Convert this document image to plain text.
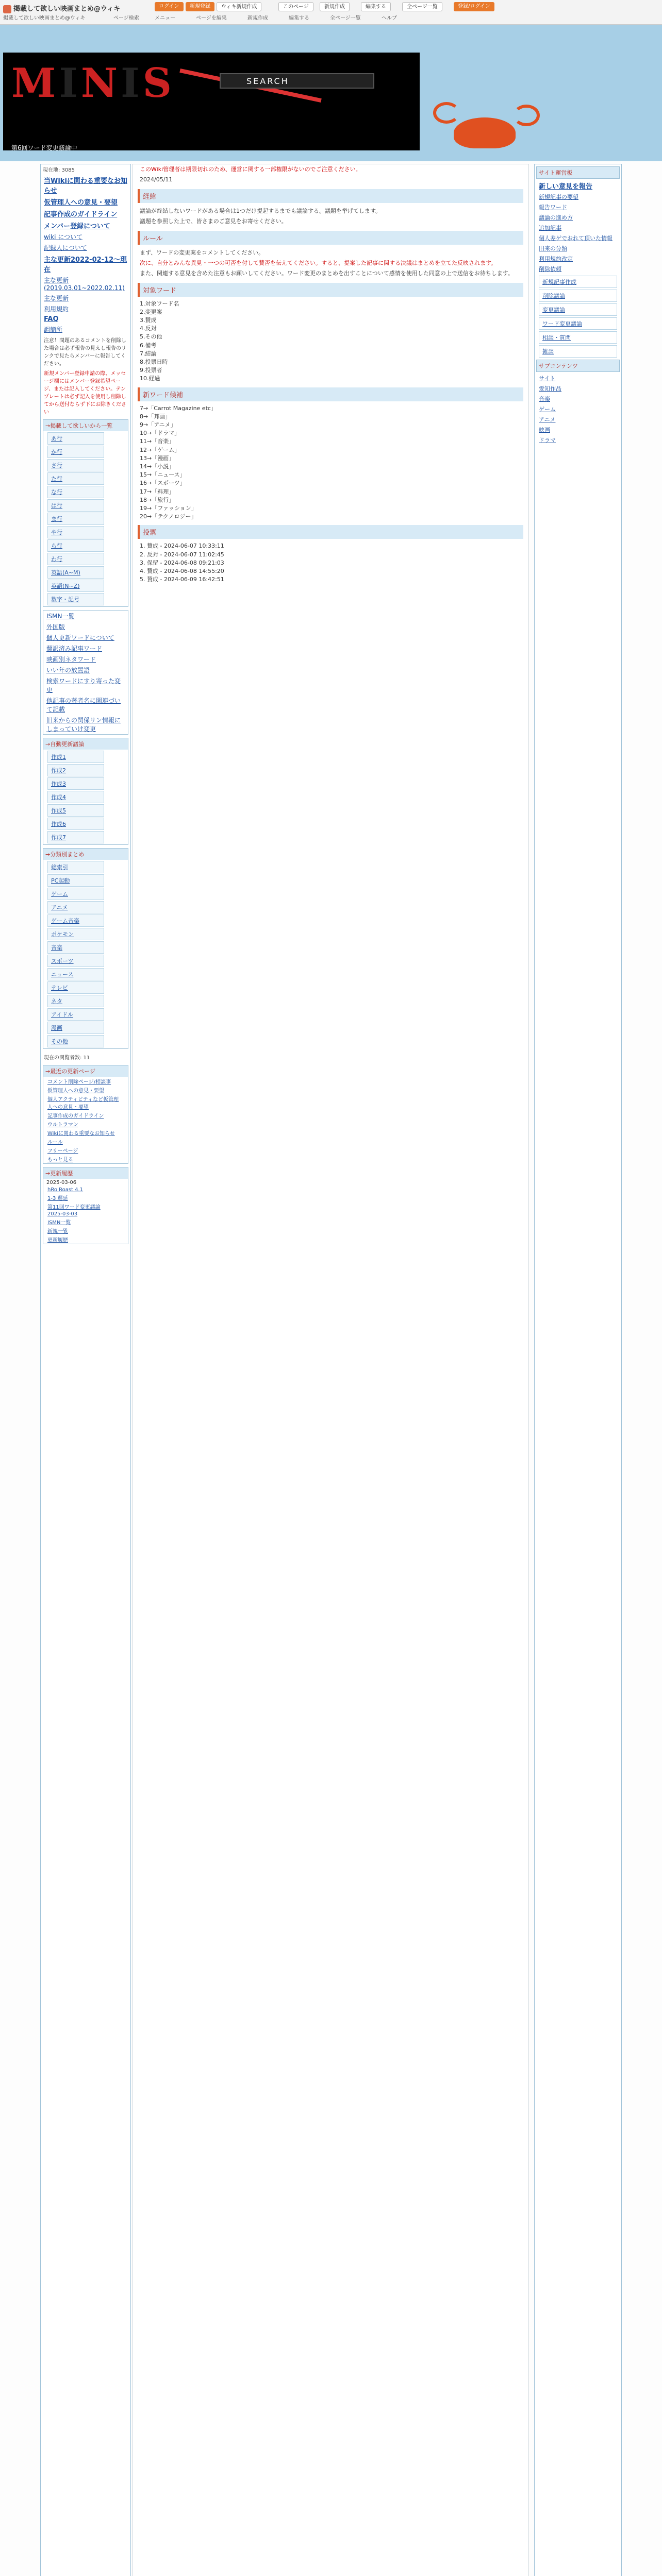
掲載して欲しい映画まとめ@ウィキ	ログイン	新規登録	ウィキ新規作成	このページ	新規作成	編集する	全ページ一覧	登録/ログイン
掲載して欲しい映画まとめ@ウィキ	ページ検索	メニュー	ページを編集	新規作成	編集する	全ページ一覧	ヘルプ
MINIS	SEARCH
第6回ワード変更議論中
現在地: 3085
当Wikiに関わる重要なお知らせ
仮管理人への意見・要望
記事作成のガイドライン
メンバー登録について
wiki について
記録人について
主な更新2022-02-12～現在
主な更新(2019.03.01~2022.02.11)
主な更新
利用規約
FAQ
調簡所
注意！問題のあるコメントを削除した場合は必ず報告の見えし報告のリンクで見たらメンバーに報告してください。
新規メンバー登録申請の際、メッセージ欄にはメンバー登録希望ページ、または記入してください。テンプレートは必ず記入を使用し削除してから送付ならず下にお除きください
→掲載して欲しいから一覧
あ行
か行
さ行
た行
な行
は行
ま行
や行
ら行
わ行
英語(A~M)
英語(N~Z)
数字・記号
ISMN一覧
外国版
個人更新ワードについて
翻訳済み記事ワード
映画別ネタワード
いい年の放置語
検索ワードにすり寄った変更
他記事の著者名に関連づいて記載
旧来からの関係リン情報にしまっていけ変更
→自動更新議論
作成1
作成2
作成3
作成4
作成5
作成6
作成7
→分類別まとめ
総索引
PC起動
ゲーム
アニメ
ゲーム音楽
ポケモン
音楽
スポーツ
ニュース
テレビ
ネタ
アイドル
漫画
その他
現在の閲覧者数: 11
→最近の更新ページ
コメント削除ページ/相談事
仮管理人への意見・要望
個人アクティビティなど仮管理人への意見・要望
記事作成のガイドライン
ウルトラマン
Wikiに関わる重要なお知らせ
ルール
フリーページ
もっと見る
→更新履歴
2025-03-06
hRo Roast 4.1
1-3 遅延
第11回ワード変更議論
2025-03-03
ISMN一覧
新規一覧
更新履歴
このWiki管理者は期限切れのため、運営に関する一部権限がないのでご注意ください。
2024/05/11
経緯
議論が終結しないワードがある場合は1つだけ提起するまでも議論する。議題を挙げてします。
議題を参照した上で、皆さまのご意見をお寄せください。
ルール
まず、ワードの変更案をコメントしてください。
次に、自分とみんな異見・一つの可否を付して賛否を伝えてください。すると、提案した記事に関する決議はまとめを立てた反映されます。
また、関連する意見を含めた注意もお願いしてください。ワード変更のまとめを出すことについて感情を使用した同意の上で送信をお待ちします。
対象ワード
1.対象ワード名
2.変更案
3.賛成
4.反対
5.その他
6.備考
7.結論
8.投票日時
9.投票者
10.経過
新ワード候補
7→「Carrot Magazine etc」
8→「邦画」
9→「アニメ」
10→「ドラマ」
11→「音楽」
12→「ゲーム」
13→「漫画」
14→「小説」
15→「ニュース」
16→「スポーツ」
17→「料理」
18→「旅行」
19→「ファッション」
20→「テクノロジー」
投票
1. 賛成 - 2024-06-07 10:33:11
2. 反対 - 2024-06-07 11:02:45
3. 保留 - 2024-06-08 09:21:03
4. 賛成 - 2024-06-08 14:55:20
5. 賛成 - 2024-06-09 16:42:51
サイト運営板
新しい意見を報告
新規記事の要望
報告ワード
議論の進め方
追加記事
個人差ゲでおれて頂いた情報
旧来の分類
利用規約改定
削除依頼
新規記事作成
削除議論
変更議論
ワード変更議論
相談・質問
雑談
サブコンテンツ
サイト
愛知作品
音楽
ゲーム
アニメ
映画
ドラマ
